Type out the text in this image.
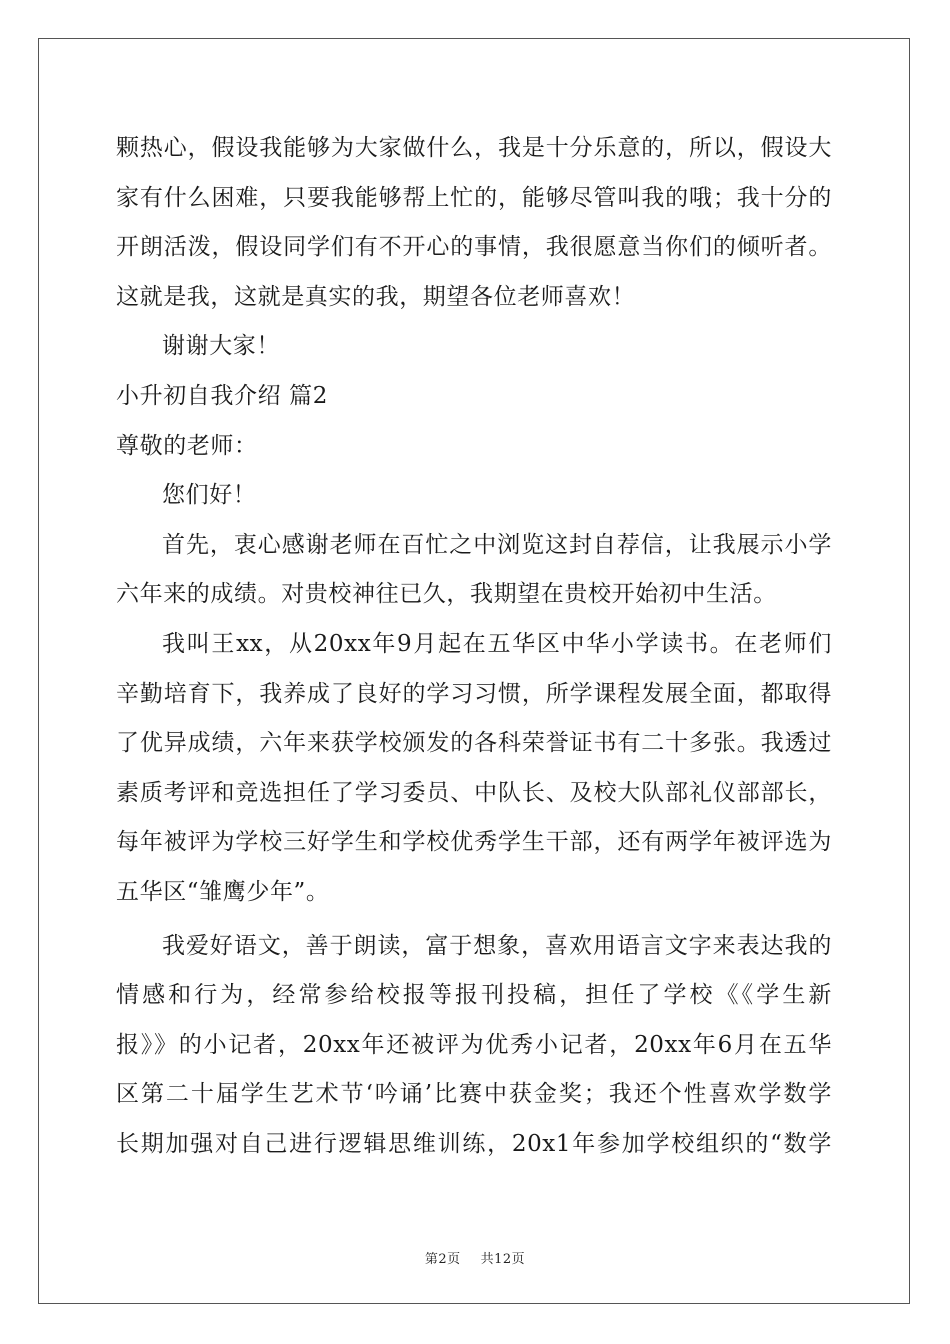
颗热心，假设我能够为大家做什么，我是十分乐意的，所以，假设大
家有什么困难，只要我能够帮上忙的，能够尽管叫我的哦；我十分的
开朗活泼，假设同学们有不开心的事情，我很愿意当你们的倾听者。
这就是我，这就是真实的我，期望各位老师喜欢！
谢谢大家！
小升初自我介绍 篇2
尊敬的老师：
您们好！
首先，衷心感谢老师在百忙之中浏览这封自荐信，让我展示小学
六年来的成绩。对贵校神往已久，我期望在贵校开始初中生活。
我叫王xx，从20xx年9月起在五华区中华小学读书。在老师们
辛勤培育下，我养成了良好的学习习惯，所学课程发展全面，都取得
了优异成绩，六年来获学校颁发的各科荣誉证书有二十多张。我透过
素质考评和竞选担任了学习委员、中队长、及校大队部礼仪部部长，
每年被评为学校三好学生和学校优秀学生干部，还有两学年被评选为
五华区“雏鹰少年”。
我爱好语文，善于朗读，富于想象，喜欢用语言文字来表达我的
情感和行为，经常参给校报等报刊投稿，担任了学校《《学生新
报》》的小记者，20xx年还被评为优秀小记者，20xx年6月在五华
区第二十届学生艺术节‘吟诵’比赛中获金奖；我还个性喜欢学数学
长期加强对自己进行逻辑思维训练，20x1年参加学校组织的“数学
第2页 共12页
